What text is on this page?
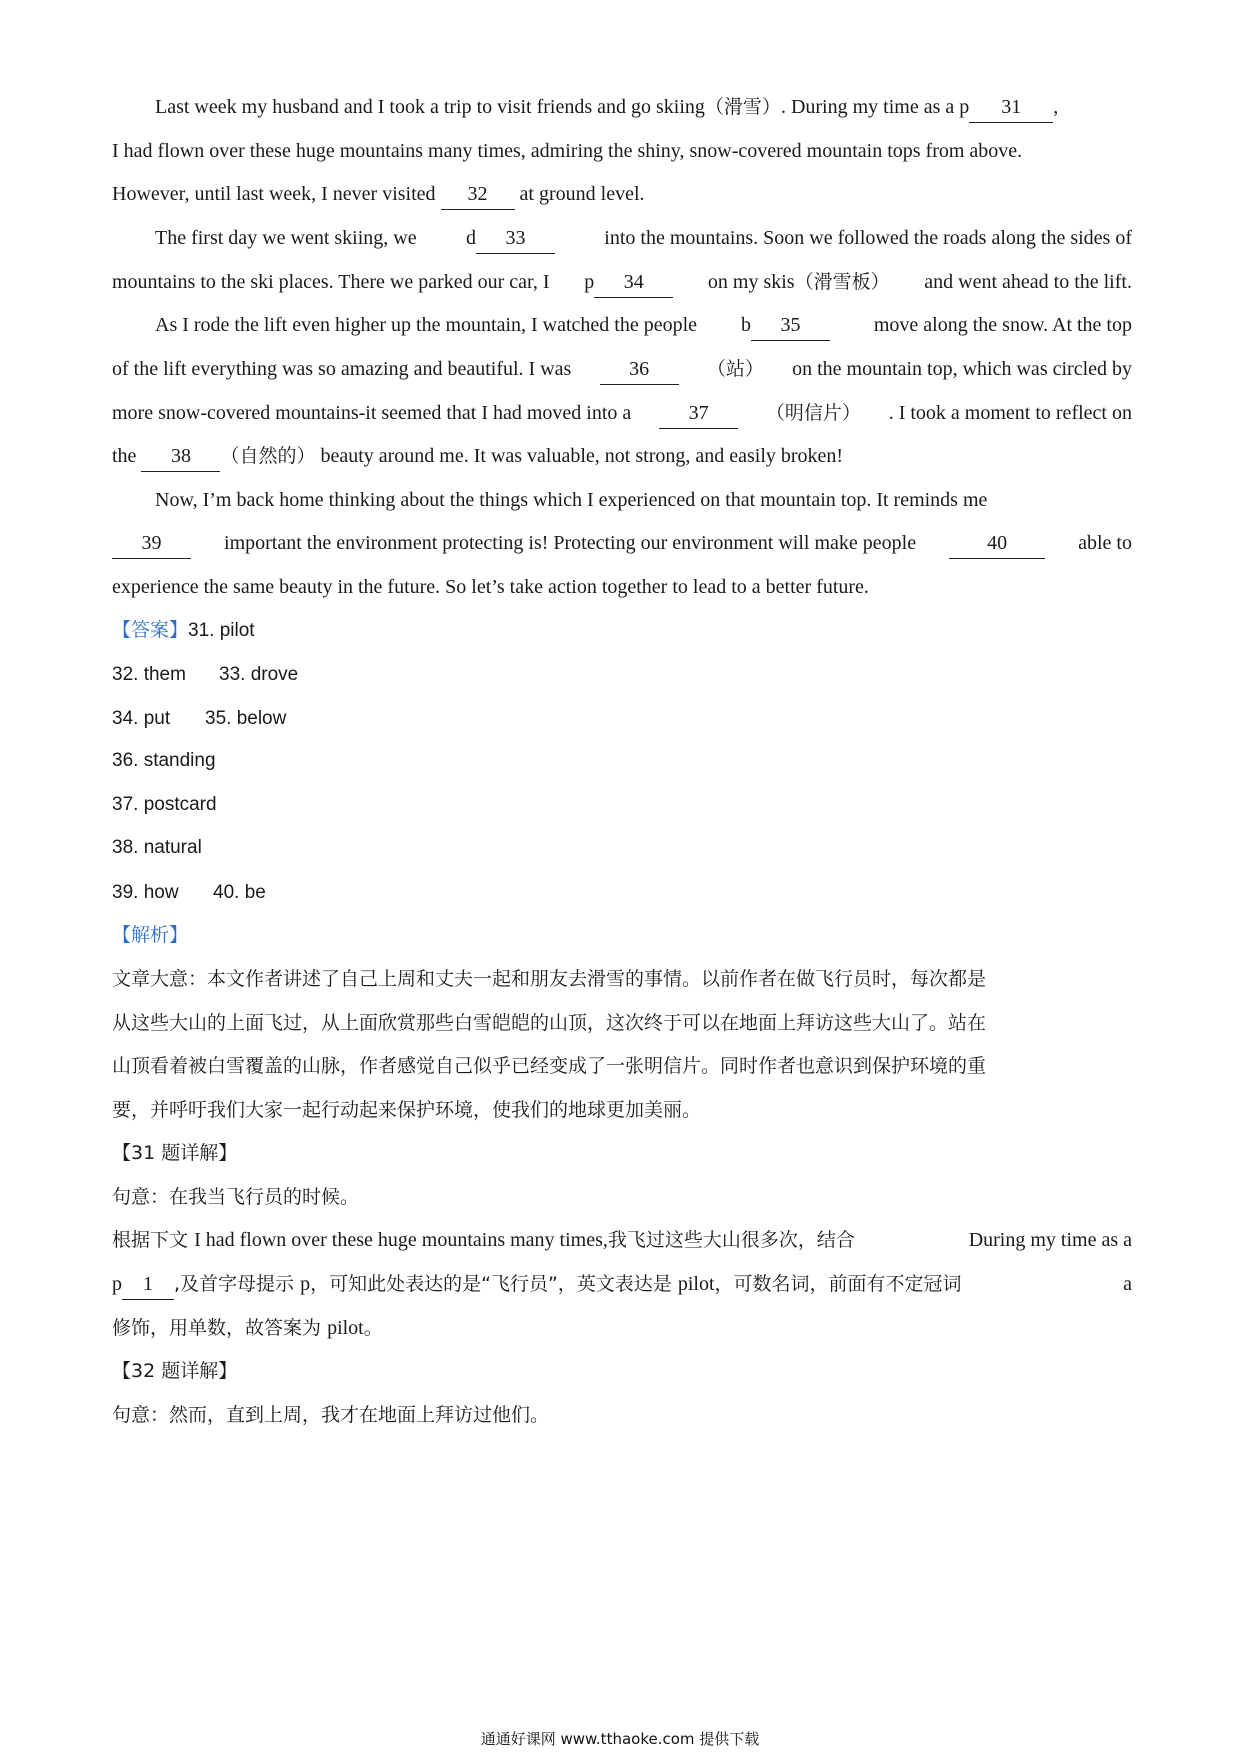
Last week my husband and I took a trip to visit friends and go skiing（滑雪）. During my time as a p 31 ,
I had flown over these huge mountains many times, admiring the shiny, snow-covered mountain tops from above.
However, until last week, I never visited 32 at ground level.
The first day we went skiing, we d 33	into the mountains. Soon we followed the roads along the sides of
mountains to the ski places. There we parked our car, I p 34	on my skis（滑雪板） and went ahead to the lift.
As I rode the lift even higher up the mountain, I watched the people b 35	move along the snow. At the top
of the lift everything was so amazing and beautiful. I was	36	（站） on the mountain top, which was circled by
more snow-covered mountains-it seemed that I had moved into a	37	（明信片） . I took a moment to reflect on
the 38 （自然的） beauty around me. It was valuable, not strong, and easily broken!
Now, I’m back home thinking about the things which I experienced on that mountain top. It reminds me
39	important the environment protecting is! Protecting our environment will make people	40	able to
experience the same beauty in the future. So let’s take action together to lead to a better future.
【答案】31. pilot
32. them 33. drove
34. put 35. below
36. standing
37. postcard
38. natural
39. how 40. be
【解析】
文章大意：本文作者讲述了自己上周和丈夫一起和朋友去滑雪的事情。以前作者在做飞行员时，每次都是
从这些大山的上面飞过，从上面欣赏那些白雪皑皑的山顶，这次终于可以在地面上拜访这些大山了。站在
山顶看着被白雪覆盖的山脉，作者感觉自己似乎已经变成了一张明信片。同时作者也意识到保护环境的重
要，并呼吁我们大家一起行动起来保护环境，使我们的地球更加美丽。
【31 题详解】
句意：在我当飞行员的时候。
根据下文 I had flown over these huge mountains many times,我飞过这些大山很多次，结合	During my time as a
p 1 ,及首字母提示 p，可知此处表达的是“飞行员”，英文表达是 pilot，可数名词，前面有不定冠词	a
修饰，用单数，故答案为 pilot。
【32 题详解】
句意：然而，直到上周，我才在地面上拜访过他们。
通通好课网 www.tthaoke.com 提供下载
